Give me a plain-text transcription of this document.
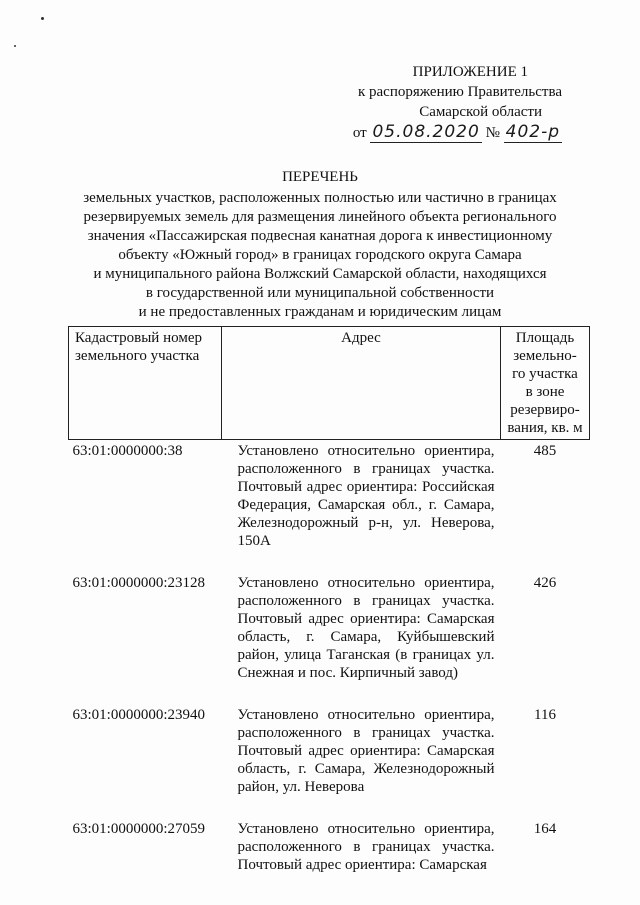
ПРИЛОЖЕНИЕ 1
к распоряжению Правительства
Самарской области
от 05.08.2020 № 402-р
ПЕРЕЧЕНЬ
земельных участков, расположенных полностью или частично в границах
резервируемых земель для размещения линейного объекта регионального
значения «Пассажирская подвесная канатная дорога к инвестиционному
объекту «Южный город» в границах городского округа Самара
и муниципального района Волжский Самарской области, находящихся
в государственной или муниципальной собственности
и не предоставленных гражданам и юридическим лицам
Кадастровый номер земельного участка	Адрес	Площадь земельно-го участка в зоне резервиро-вания, кв. м
63:01:0000000:38	Установлено относительно ориентира, расположенного в границах участка. Почтовый адрес ориентира: Российская Федерация, Самарская обл., г. Самара, Железнодорожный р-н, ул. Неверова, 150А	485
63:01:0000000:23128	Установлено относительно ориентира, расположенного в границах участка. Почтовый адрес ориентира: Самарская область, г. Самара, Куйбышевский район, улица Таганская (в границах ул. Снежная и пос. Кирпичный завод)	426
63:01:0000000:23940	Установлено относительно ориентира, расположенного в границах участка. Почтовый адрес ориентира: Самарская область, г. Самара, Железнодорожный район, ул. Неверова	116
63:01:0000000:27059	Установлено относительно ориентира, расположенного в границах участка. Почтовый адрес ориентира: Самарская	164
